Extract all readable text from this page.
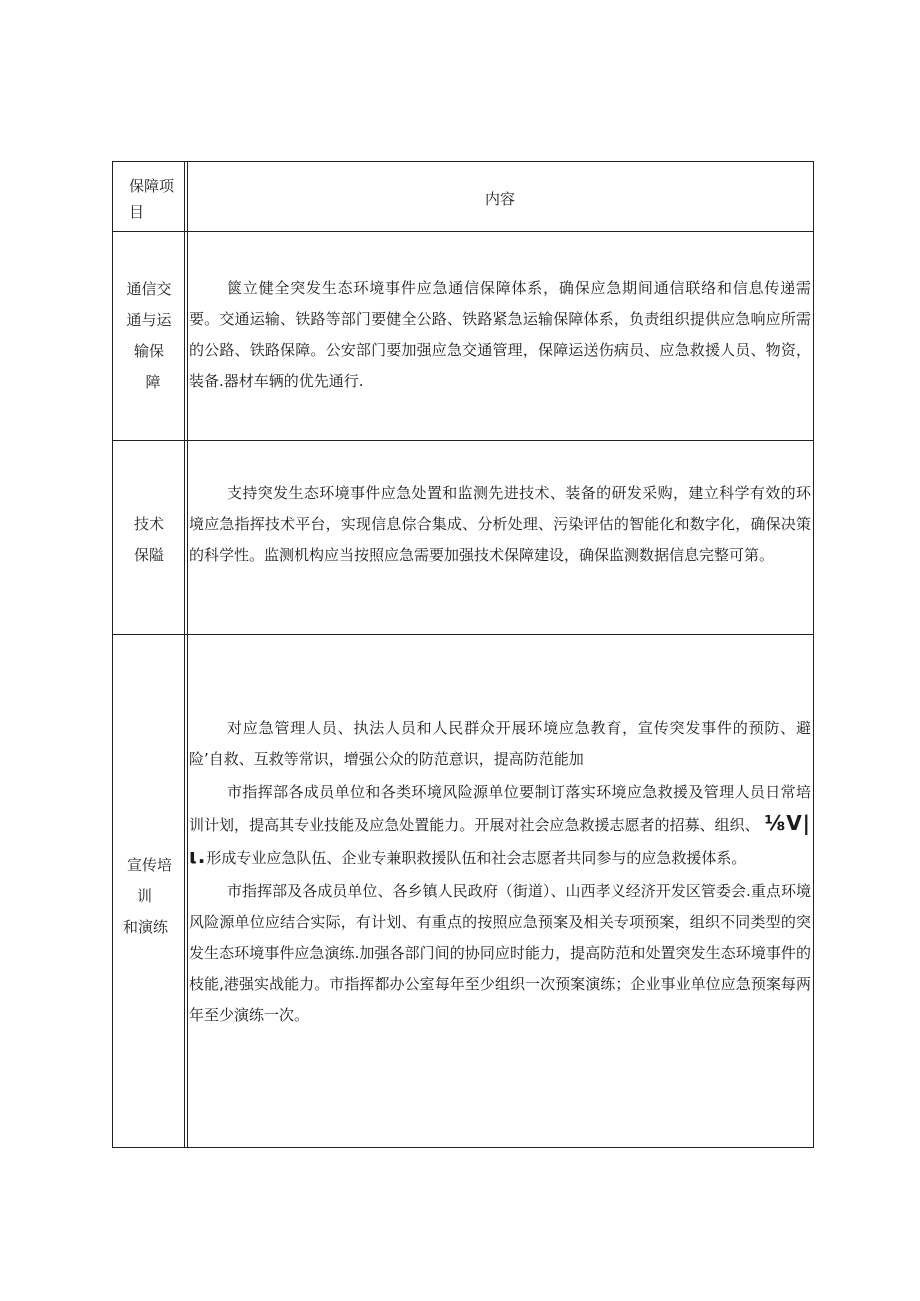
保障项
目
内容
通信交
通与运
输保
障

篋立健全突发生态环境事件应急通信保障体系，确保应急期间通信联络和信息传递需要。交通运输、铁路等部门要健全公路、铁路紧急运输保障体系，负责组织提供应急响应所需的公路、铁路保障。公安部门要加强应急交通管理，保障运送伤病员、应急救援人员、物资，装备.器材车辆的优先通行.

技术
保隘

支持突发生态环境事件应急处置和监测先进技术、装备的研发采购，建立科学有效的环境应急指挥技术平台，实现信息倧合集成、分析处理、污染评估的智能化和数字化，确保决策的科学性。监测机构应当按照应急需要加强技术保障建设，确保监测数据信息完整可第。

宣传培
训
和演练

对应急管理人员、执法人员和人民群众开展环境应急教育，宣传突发事件的预防、避险’自救、互救等常识，增强公众的防范意识，提高防范能加

市指挥部各成员单位和各类环境风险源单位要制订落实环境应急救援及管理人员日常培训计划，提高其专业技能及应急处置能力。开展对社会应急救援志愿者的招募、组织、 ⅛V|ι.形成专业应急队伍、企业专兼职救援队伍和社会志愿者共同参与的应急救援体系。

市指挥部及各成员单位、各乡镇人民政府（街道）、山西孝义经济开发区管委会.重点环境风险源单位应结合实际，有计划、有重点的按照应急预案及相关专项预案，组织不同类型的突发生态环境事件应急演练.加强各部门间的协同应时能力，提高防范和处置突发生态环境事件的枝能,港强实战能力。市指挥都办公室每年至少组织一次预案演练；企业事业单位应急预案每两年至少演练一次。
